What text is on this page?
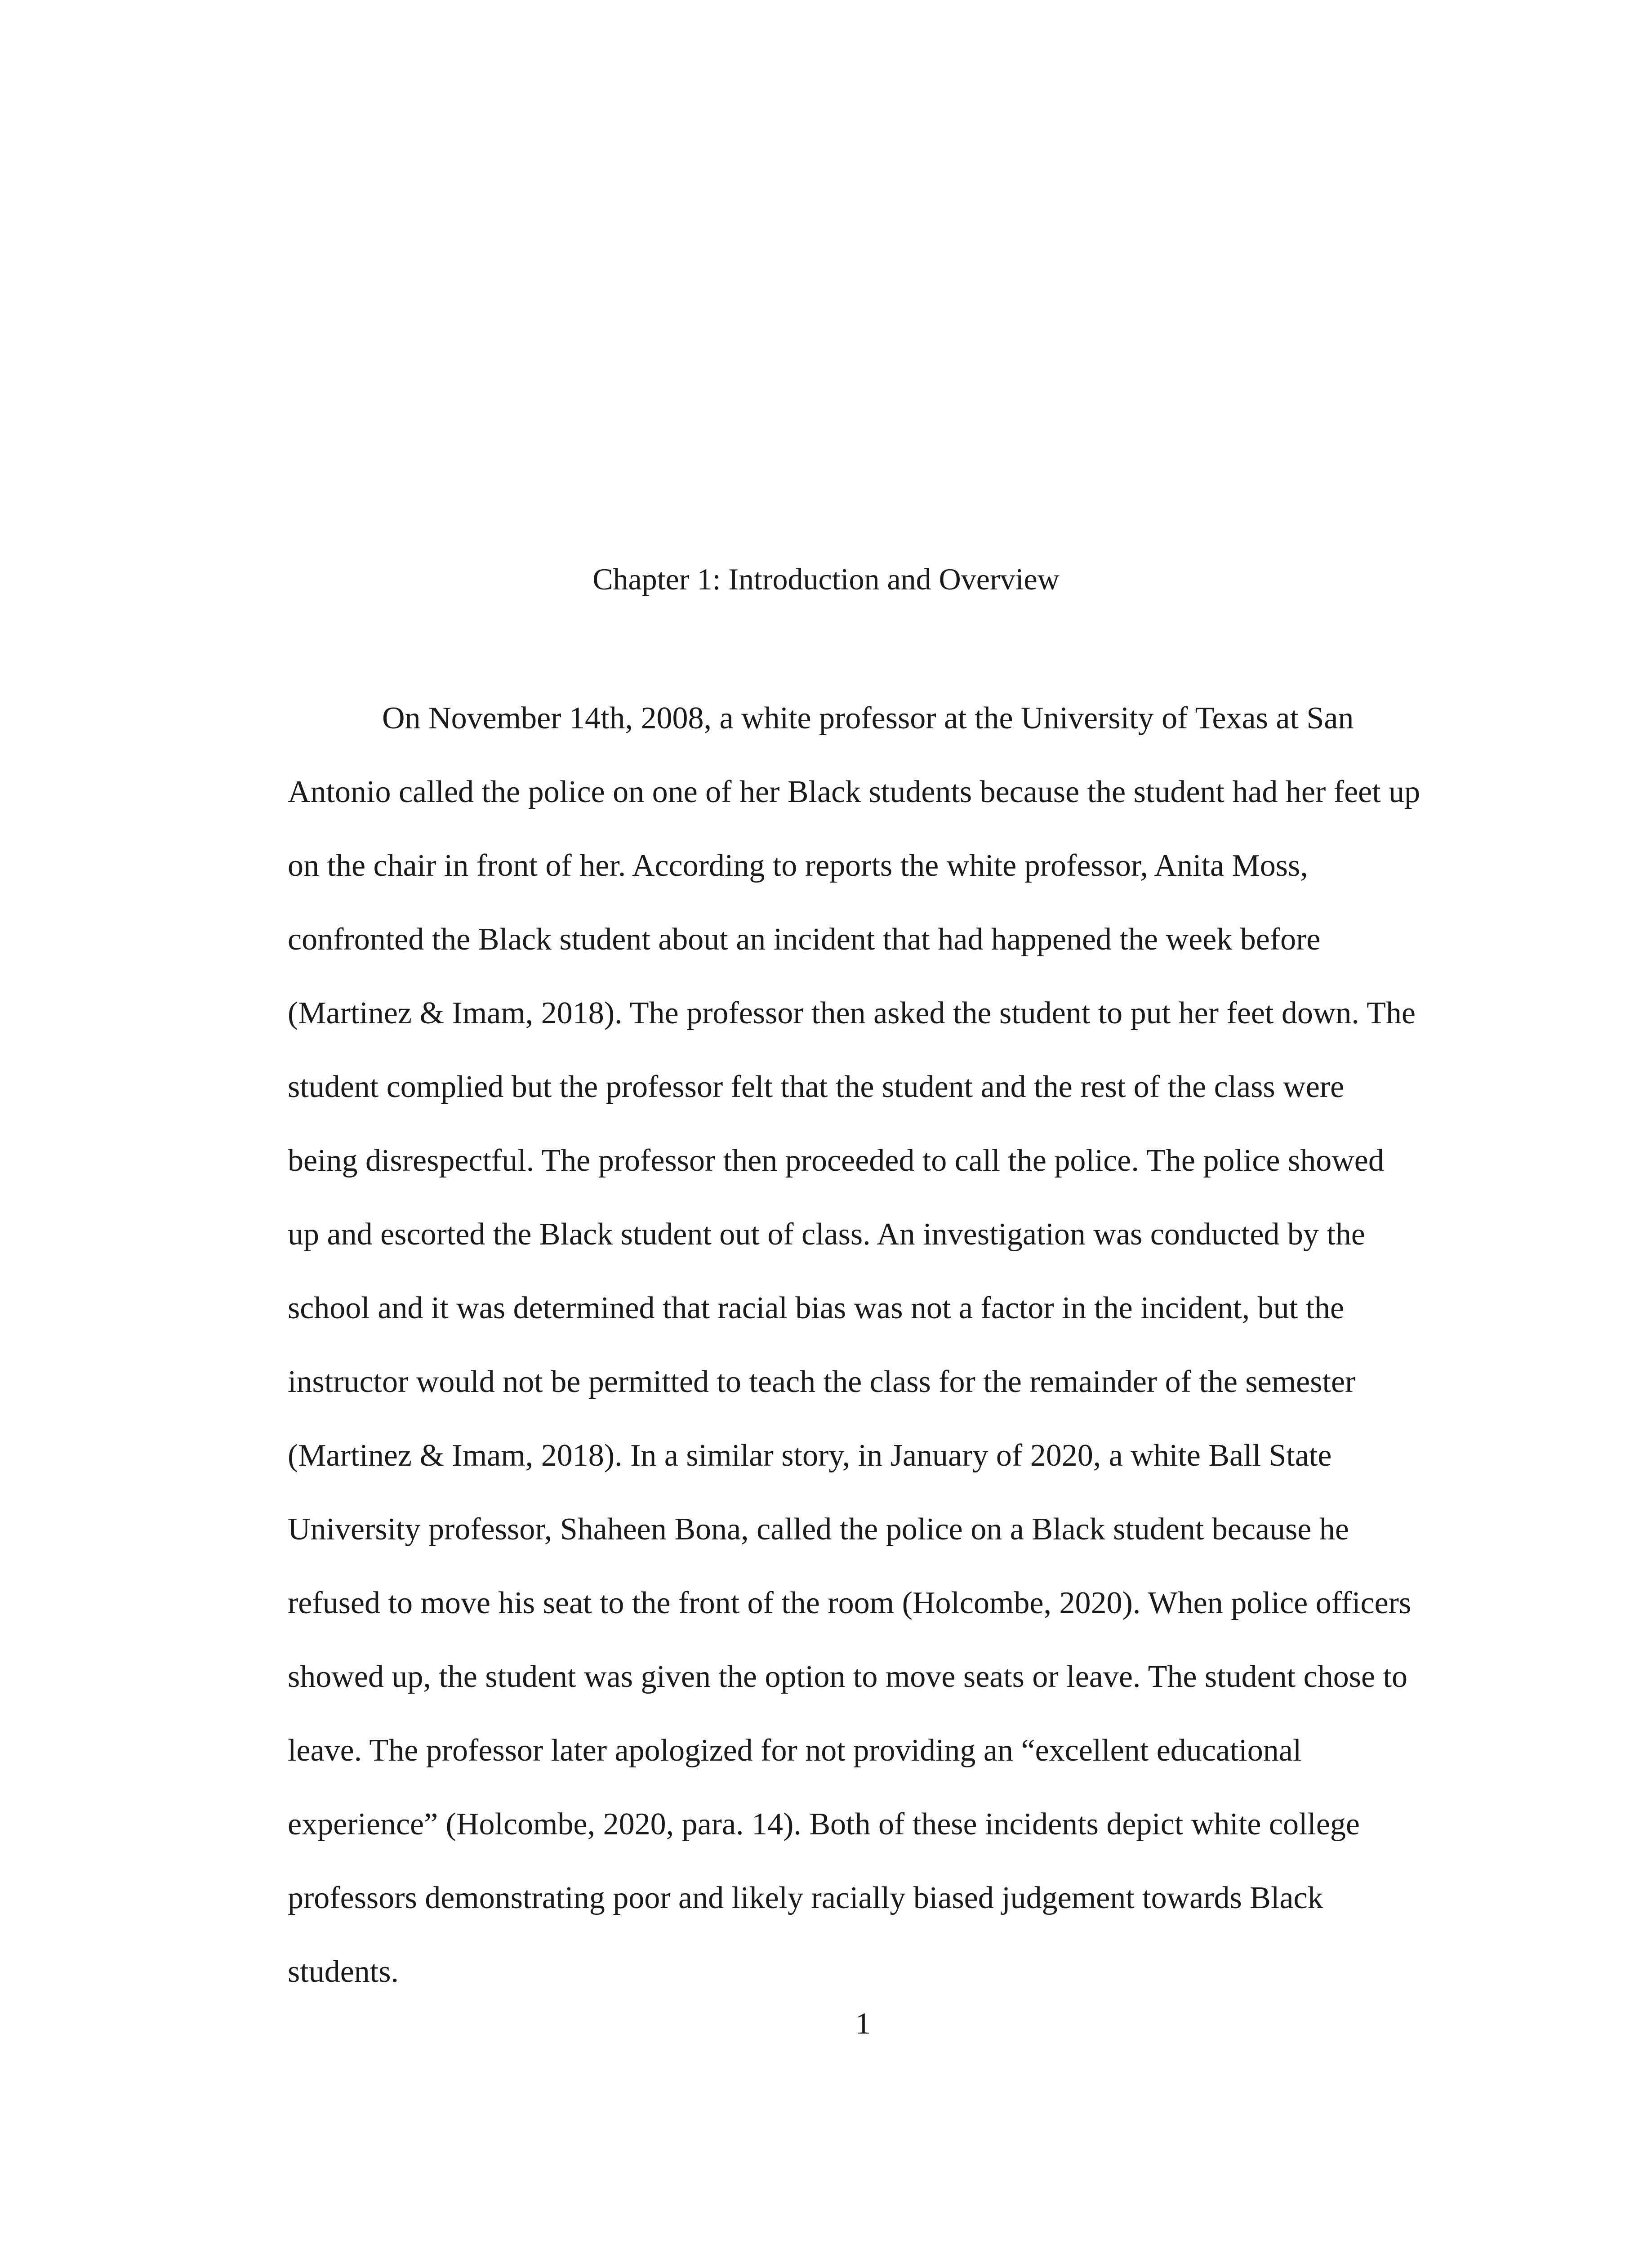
Chapter 1: Introduction and Overview
On November 14th, 2008, a white professor at the University of Texas at San
Antonio called the police on one of her Black students because the student had her feet up
on the chair in front of her. According to reports the white professor, Anita Moss,
confronted the Black student about an incident that had happened the week before
(Martinez & Imam, 2018). The professor then asked the student to put her feet down. The
student complied but the professor felt that the student and the rest of the class were
being disrespectful. The professor then proceeded to call the police. The police showed
up and escorted the Black student out of class. An investigation was conducted by the
school and it was determined that racial bias was not a factor in the incident, but the
instructor would not be permitted to teach the class for the remainder of the semester
(Martinez & Imam, 2018). In a similar story, in January of 2020, a white Ball State
University professor, Shaheen Bona, called the police on a Black student because he
refused to move his seat to the front of the room (Holcombe, 2020). When police officers
showed up, the student was given the option to move seats or leave. The student chose to
leave. The professor later apologized for not providing an “excellent educational
experience” (Holcombe, 2020, para. 14). Both of these incidents depict white college
professors demonstrating poor and likely racially biased judgement towards Black
students.
1
